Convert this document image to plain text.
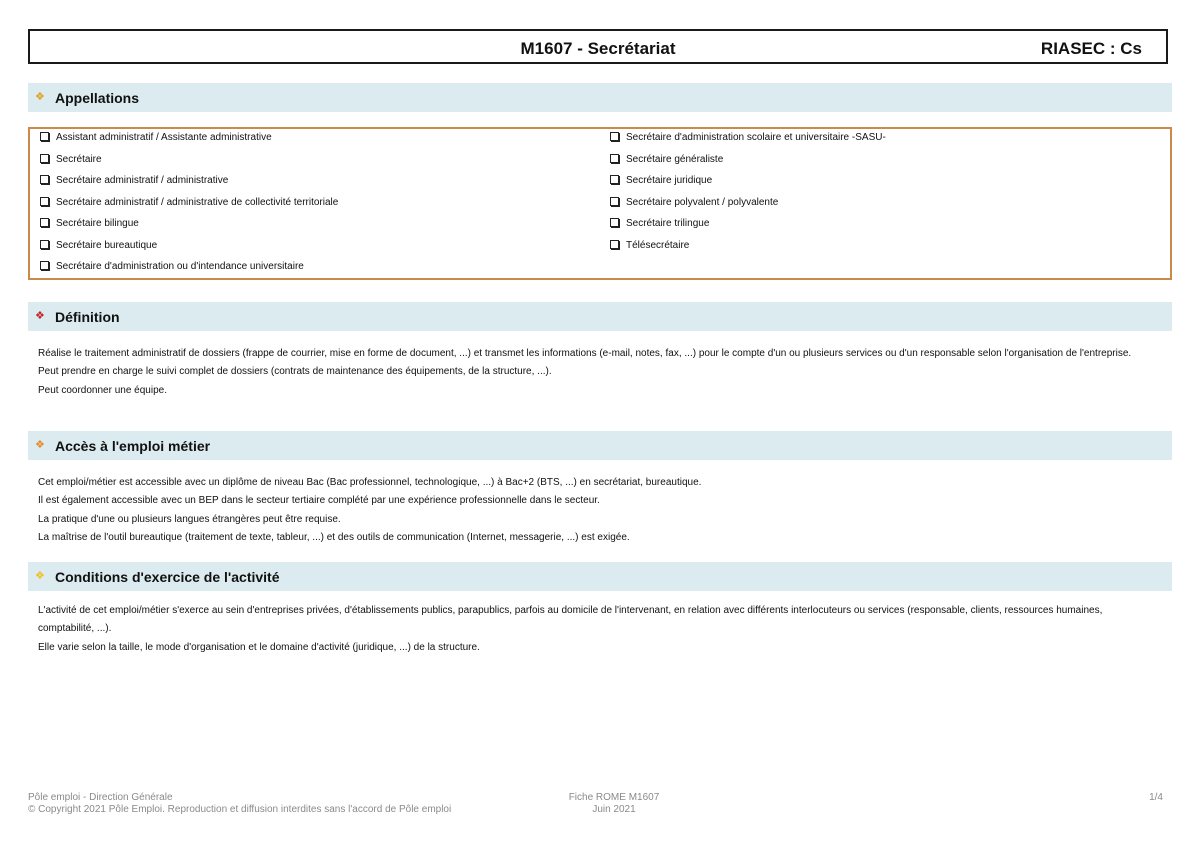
M1607 - Secrétariat	RIASEC : Cs
❖ Appellations
Assistant administratif / Assistante administrative
Secrétaire
Secrétaire administratif / administrative
Secrétaire administratif / administrative de collectivité territoriale
Secrétaire bilingue
Secrétaire bureautique
Secrétaire d'administration ou d'intendance universitaire
Secrétaire d'administration scolaire et universitaire -SASU-
Secrétaire généraliste
Secrétaire juridique
Secrétaire polyvalent / polyvalente
Secrétaire trilingue
Télésecrétaire
❖ Définition

Réalise le traitement administratif de dossiers (frappe de courrier, mise en forme de document, ...) et transmet les informations (e-mail, notes, fax, ...) pour le compte d'un ou plusieurs services ou d'un responsable selon l'organisation de l'entreprise.

Peut prendre en charge le suivi complet de dossiers (contrats de maintenance des équipements, de la structure, ...).

Peut coordonner une équipe.

❖ Accès à l'emploi métier

Cet emploi/métier est accessible avec un diplôme de niveau Bac (Bac professionnel, technologique, ...) à Bac+2 (BTS, ...) en secrétariat, bureautique.

Il est également accessible avec un BEP dans le secteur tertiaire complété par une expérience professionnelle dans le secteur.

La pratique d'une ou plusieurs langues étrangères peut être requise.

La maîtrise de l'outil bureautique (traitement de texte, tableur, ...) et des outils de communication (Internet, messagerie, ...) est exigée.

❖ Conditions d'exercice de l'activité

L'activité de cet emploi/métier s'exerce au sein d'entreprises privées, d'établissements publics, parapublics, parfois au domicile de l'intervenant, en relation avec différents interlocuteurs ou services (responsable, clients, ressources humaines, comptabilité, ...).

Elle varie selon la taille, le mode d'organisation et le domaine d'activité (juridique, ...) de la structure.

Pôle emploi - Direction Générale
© Copyright 2021 Pôle Emploi. Reproduction et diffusion interdites sans l'accord de Pôle emploi
Fiche ROME M1607
Juin 2021
1/4
